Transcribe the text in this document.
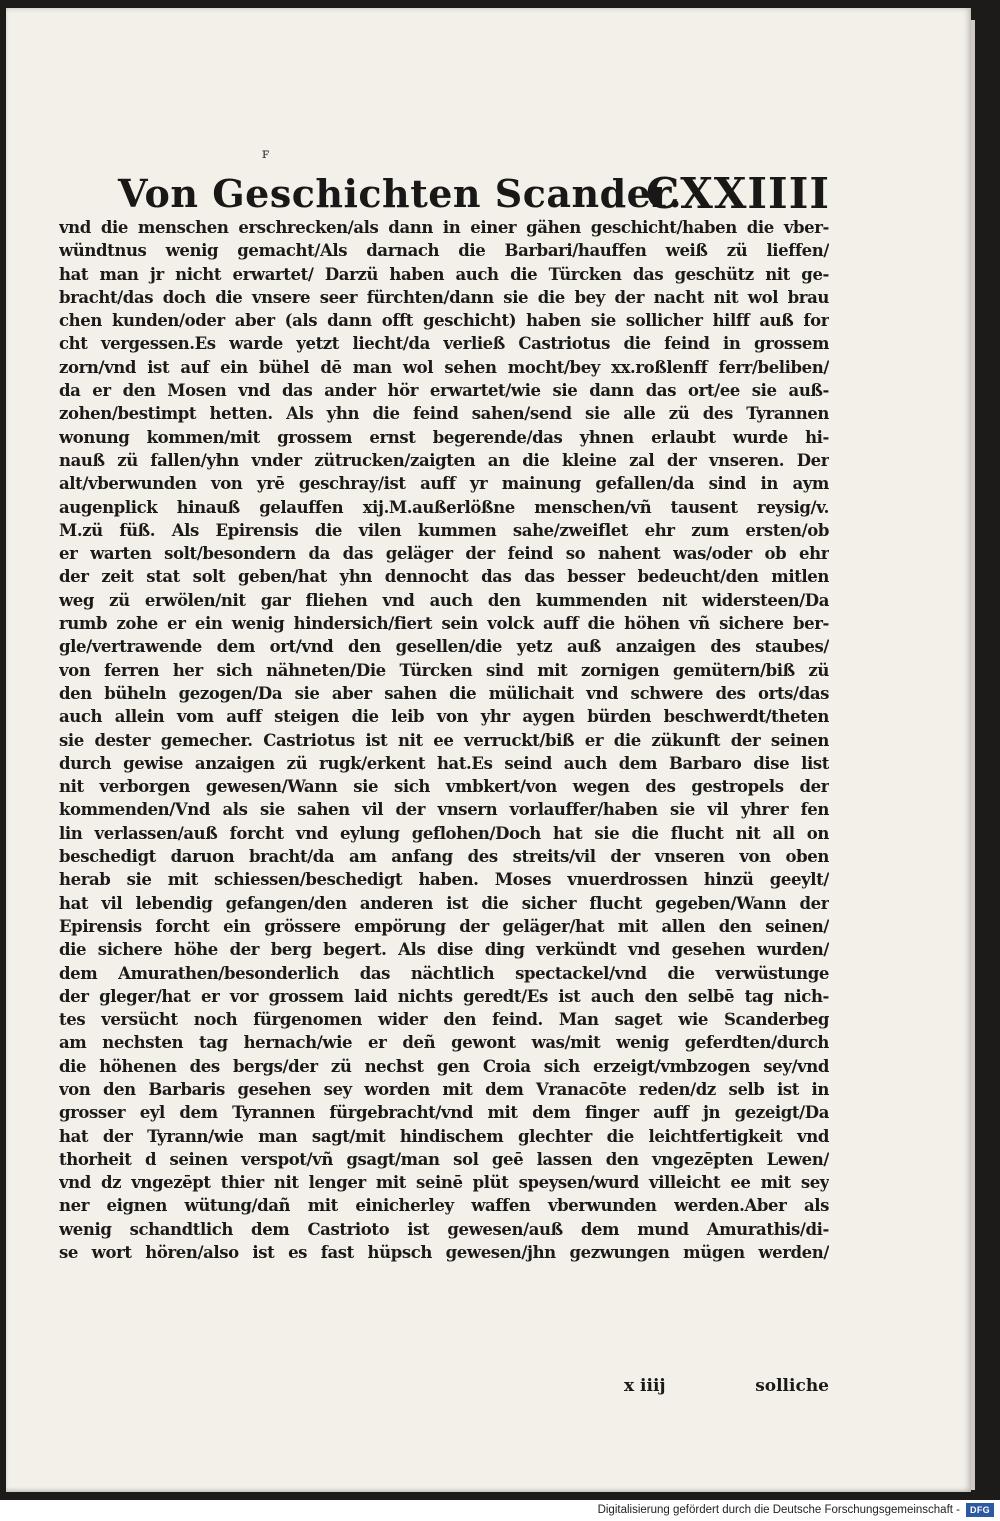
ꜰ
Von Geschichten Scander.
CXXIIII
vnd die menschen erschrecken/als dann in einer gähen geschicht/haben die vber-
wündtnus wenig gemacht/Als darnach die Barbari/hauffen weiß zü lieffen/
hat man jr nicht erwartet/ Darzü haben auch die Türcken das geschütz nit ge-
bracht/das doch die vnsere seer fürchten/dann sie die bey der nacht nit wol brau
chen kunden/oder aber (als dann offt geschicht) haben sie sollicher hilff auß for
cht vergessen.Es warde yetzt liecht/da verließ Castriotus die feind in grossem
zorn/vnd ist auf ein bühel dē man wol sehen mocht/bey xx.roßlenff ferr/beliben/
da er den Mosen vnd das ander hör erwartet/wie sie dann das ort/ee sie auß-
zohen/bestimpt hetten. Als yhn die feind sahen/send sie alle zü des Tyrannen
wonung kommen/mit grossem ernst begerende/das yhnen erlaubt wurde hi-
nauß zü fallen/yhn vnder zütrucken/zaigten an die kleine zal der vnseren. Der
alt/vberwunden von yrē geschray/ist auff yr mainung gefallen/da sind in aym
augenplick hinauß gelauffen xij.M.außerlößne menschen/vñ tausent reysig/v.
M.zü füß. Als Epirensis die vilen kummen sahe/zweiflet ehr zum ersten/ob
er warten solt/besondern da das geläger der feind so nahent was/oder ob ehr
der zeit stat solt geben/hat yhn dennocht das das besser bedeucht/den mitlen
weg zü erwölen/nit gar fliehen vnd auch den kummenden nit widersteen/Da
rumb zohe er ein wenig hindersich/fiert sein volck auff die höhen vñ sichere ber-
gle/vertrawende dem ort/vnd den gesellen/die yetz auß anzaigen des staubes/
von ferren her sich nähneten/Die Türcken sind mit zornigen gemütern/biß zü
den büheln gezogen/Da sie aber sahen die mülichait vnd schwere des orts/das
auch allein vom auff steigen die leib von yhr aygen bürden beschwerdt/theten
sie dester gemecher. Castriotus ist nit ee verruckt/biß er die zükunft der seinen
durch gewise anzaigen zü rugk/erkent hat.Es seind auch dem Barbaro dise list
nit verborgen gewesen/Wann sie sich vmbkert/von wegen des gestropels der
kommenden/Vnd als sie sahen vil der vnsern vorlauffer/haben sie vil yhrer fen
lin verlassen/auß forcht vnd eylung geflohen/Doch hat sie die flucht nit all on
beschedigt daruon bracht/da am anfang des streits/vil der vnseren von oben
herab sie mit schiessen/beschedigt haben. Moses vnuerdrossen hinzü geeylt/
hat vil lebendig gefangen/den anderen ist die sicher flucht gegeben/Wann der
Epirensis forcht ein grössere empörung der geläger/hat mit allen den seinen/
die sichere höhe der berg begert. Als dise ding verkündt vnd gesehen wurden/
dem Amurathen/besonderlich das nächtlich spectackel/vnd die verwüstunge
der gleger/hat er vor grossem laid nichts geredt/Es ist auch den selbē tag nich-
tes versücht noch fürgenomen wider den feind. Man saget wie Scanderbeg
am nechsten tag hernach/wie er deñ gewont was/mit wenig geferdten/durch
die höhenen des bergs/der zü nechst gen Croia sich erzeigt/vmbzogen sey/vnd
von den Barbaris gesehen sey worden mit dem Vranacōte reden/dz selb ist in
grosser eyl dem Tyrannen fürgebracht/vnd mit dem finger auff jn gezeigt/Da
hat der Tyrann/wie man sagt/mit hindischem glechter die leichtfertigkeit vnd
thorheit d seinen verspot/vñ gsagt/man sol geē lassen den vngezēpten Lewen/
vnd dz vngezēpt thier nit lenger mit seinē plüt speysen/wurd villeicht ee mit sey
ner eignen wütung/dañ mit einicherley waffen vberwunden werden.Aber als
wenig schandtlich dem Castrioto ist gewesen/auß dem mund Amurathis/di-
se wort hören/also ist es fast hüpsch gewesen/jhn gezwungen mügen werden/
x iiij	solliche
Digitalisierung gefördert durch die Deutsche Forschungsgemeinschaft -	DFG
